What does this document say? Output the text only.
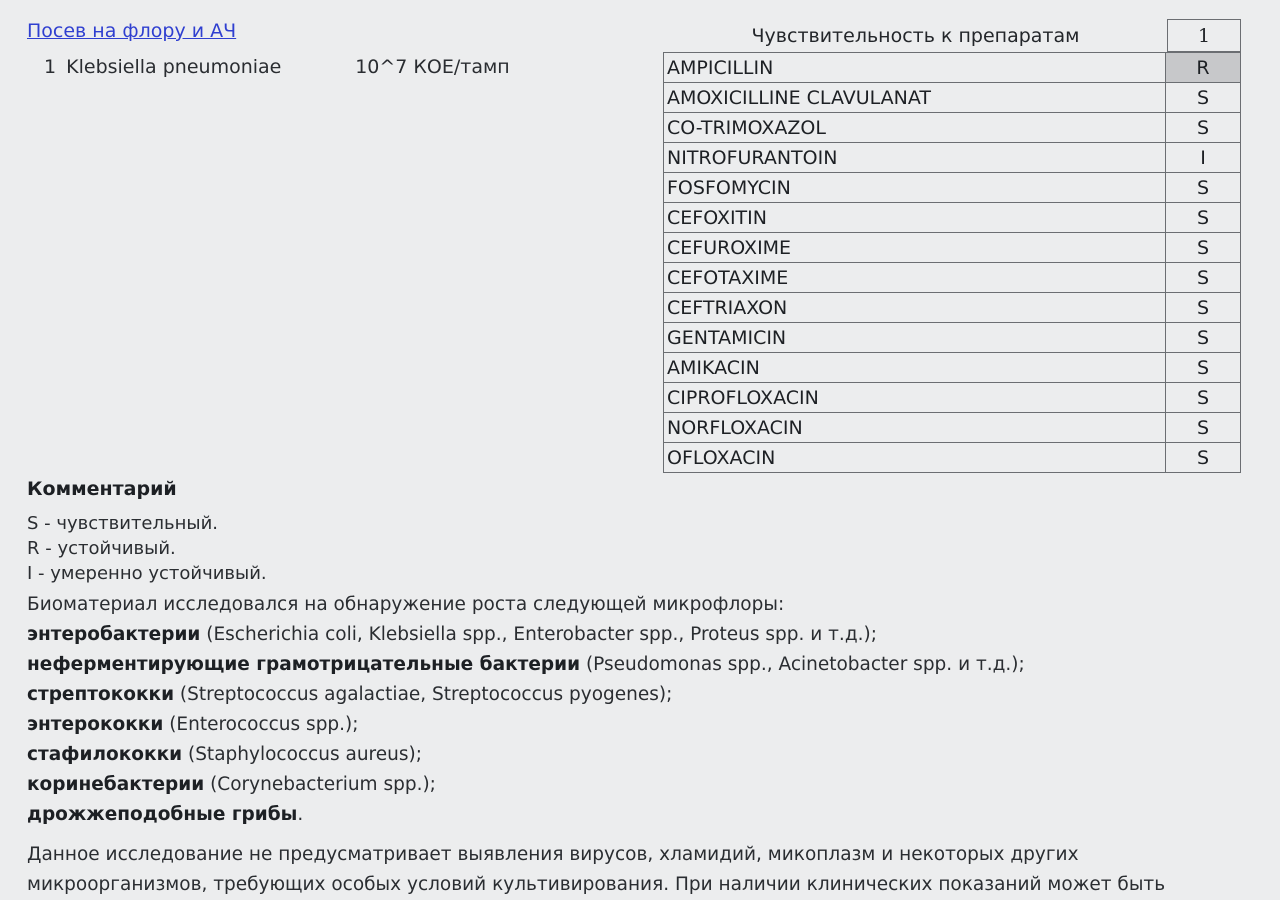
Посев на флору и АЧ
1 Klebsiella pneumoniae	10^7 КОЕ/тамп
Чувствительность к препаратам	1
AMPICILLIN	R
AMOXICILLINE CLAVULANAT	S
CO-TRIMOXAZOL	S
NITROFURANTOIN	I
FOSFOMYCIN	S
CEFOXITIN	S
CEFUROXIME	S
CEFOTAXIME	S
CEFTRIAXON	S
GENTAMICIN	S
AMIKACIN	S
CIPROFLOXACIN	S
NORFLOXACIN	S
OFLOXACIN	S
Комментарий
S - чувствительный.
R - устойчивый.
I - умеренно устойчивый.
Биоматериал исследовался на обнаружение роста следующей микрофлоры:
энтеробактерии (Escherichia coli, Klebsiella spp., Enterobacter spp., Proteus spp. и т.д.);
неферментирующие грамотрицательные бактерии (Pseudomonas spp., Acinetobacter spp. и т.д.);
стрептококки (Streptococcus agalactiae, Streptococcus pyogenes);
энтерококки (Enterococcus spp.);
стафилококки (Staphylococcus aureus);
коринебактерии (Corynebacterium spp.);
дрожжеподобные грибы.
Данное исследование не предусматривает выявления вирусов, хламидий, микоплазм и некоторых других
микроорганизмов, требующих особых условий культивирования. При наличии клинических показаний может быть
